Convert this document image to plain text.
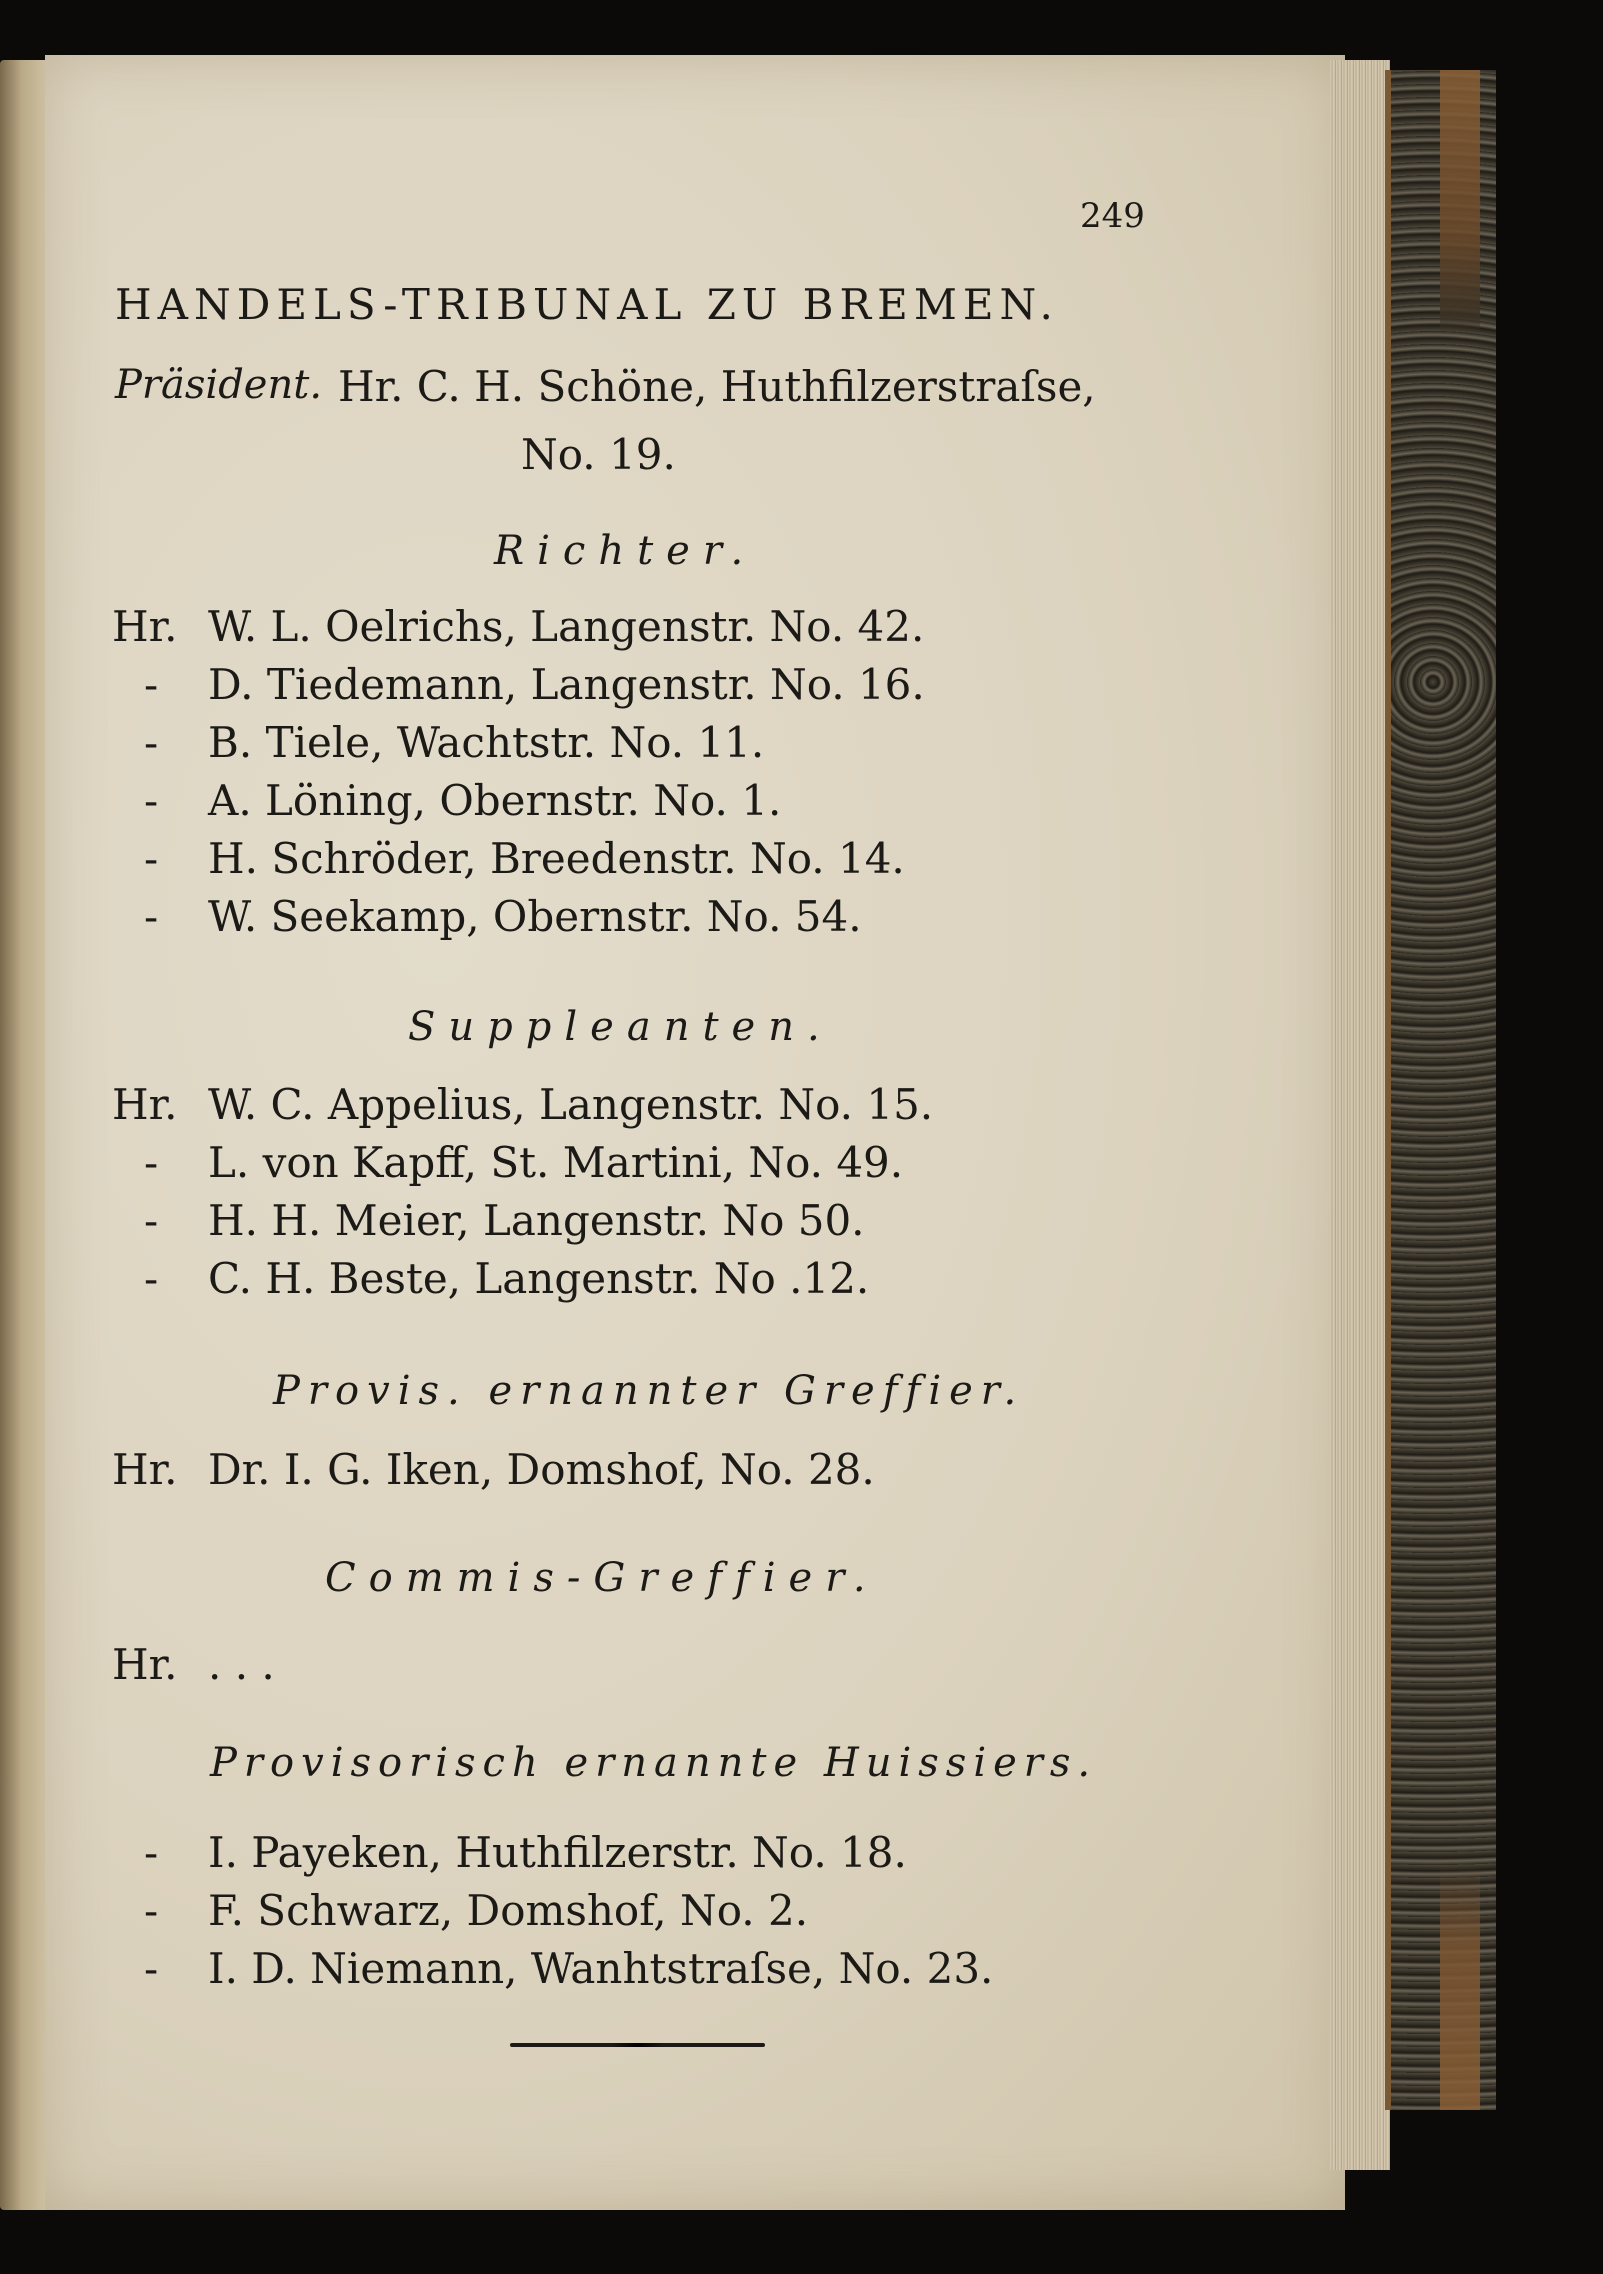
249
HANDELS-TRIBUNAL ZU BREMEN.
Präsident. Hr. C. H. Schöne, Huthfilzerstraſse,
No. 19.
Richter.
Hr. W. L. Oelrichs, Langenstr. No. 42.
- D. Tiedemann, Langenstr. No. 16.
- B. Tiele, Wachtstr. No. 11.
- A. Löning, Obernstr. No. 1.
- H. Schröder, Breedenstr. No. 14.
- W. Seekamp, Obernstr. No. 54.
Suppleanten.
Hr. W. C. Appelius, Langenstr. No. 15.
- L. von Kapff, St. Martini, No. 49.
- H. H. Meier, Langenstr. No 50.
- C. H. Beste, Langenstr. No .12.
Provis. ernannter Greffier.
Hr. Dr. I. G. Iken, Domshof, No. 28.
Commis-Greffier.
Hr. . . .
Provisorisch ernannte Huissiers.
- I. Payeken, Huthfilzerstr. No. 18.
- F. Schwarz, Domshof, No. 2.
- I. D. Niemann, Wanhtstraſse, No. 23.
